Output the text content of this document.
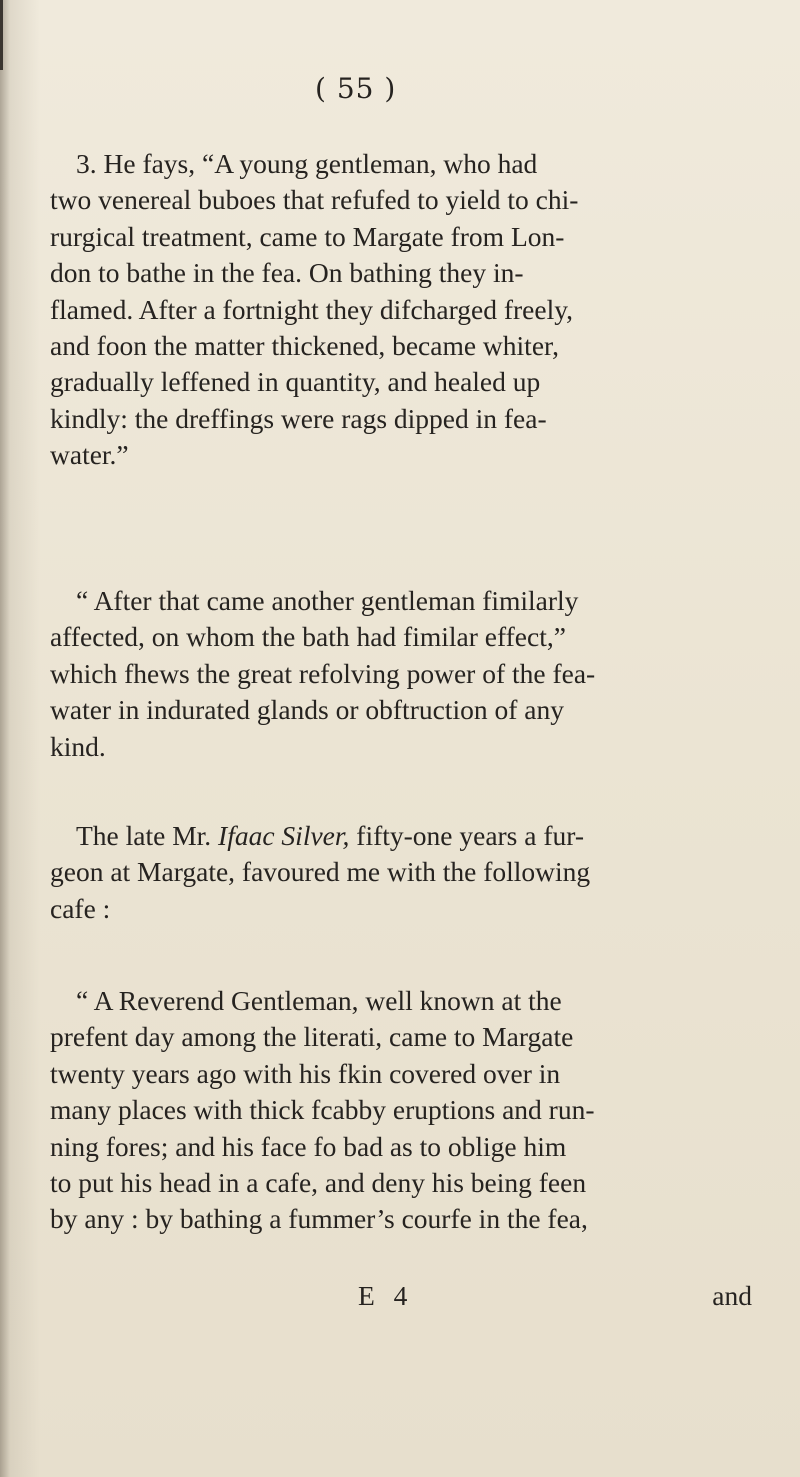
( 55 )

3. He fays, “A young gentleman, who had

two venereal buboes that refufed to yield to chi-

rurgical treatment, came to Margate from Lon-

don to bathe in the fea. On bathing they in-

flamed. After a fortnight they difcharged freely,

and foon the matter thickened, became whiter,

gradually leffened in quantity, and healed up

kindly: the dreffings were rags dipped in fea-

water.”

“ After that came another gentleman fimilarly

affected, on whom the bath had fimilar effect,”

which fhews the great refolving power of the fea-

water in indurated glands or obftruction of any

kind.

The late Mr. Ifaac Silver, fifty-one years a fur-

geon at Margate, favoured me with the following

cafe :

“ A Reverend Gentleman, well known at the

prefent day among the literati, came to Margate

twenty years ago with his fkin covered over in

many places with thick fcabby eruptions and run-

ning fores; and his face fo bad as to oblige him

to put his head in a cafe, and deny his being feen

by any : by bathing a fummer’s courfe in the fea,

E 4	and
